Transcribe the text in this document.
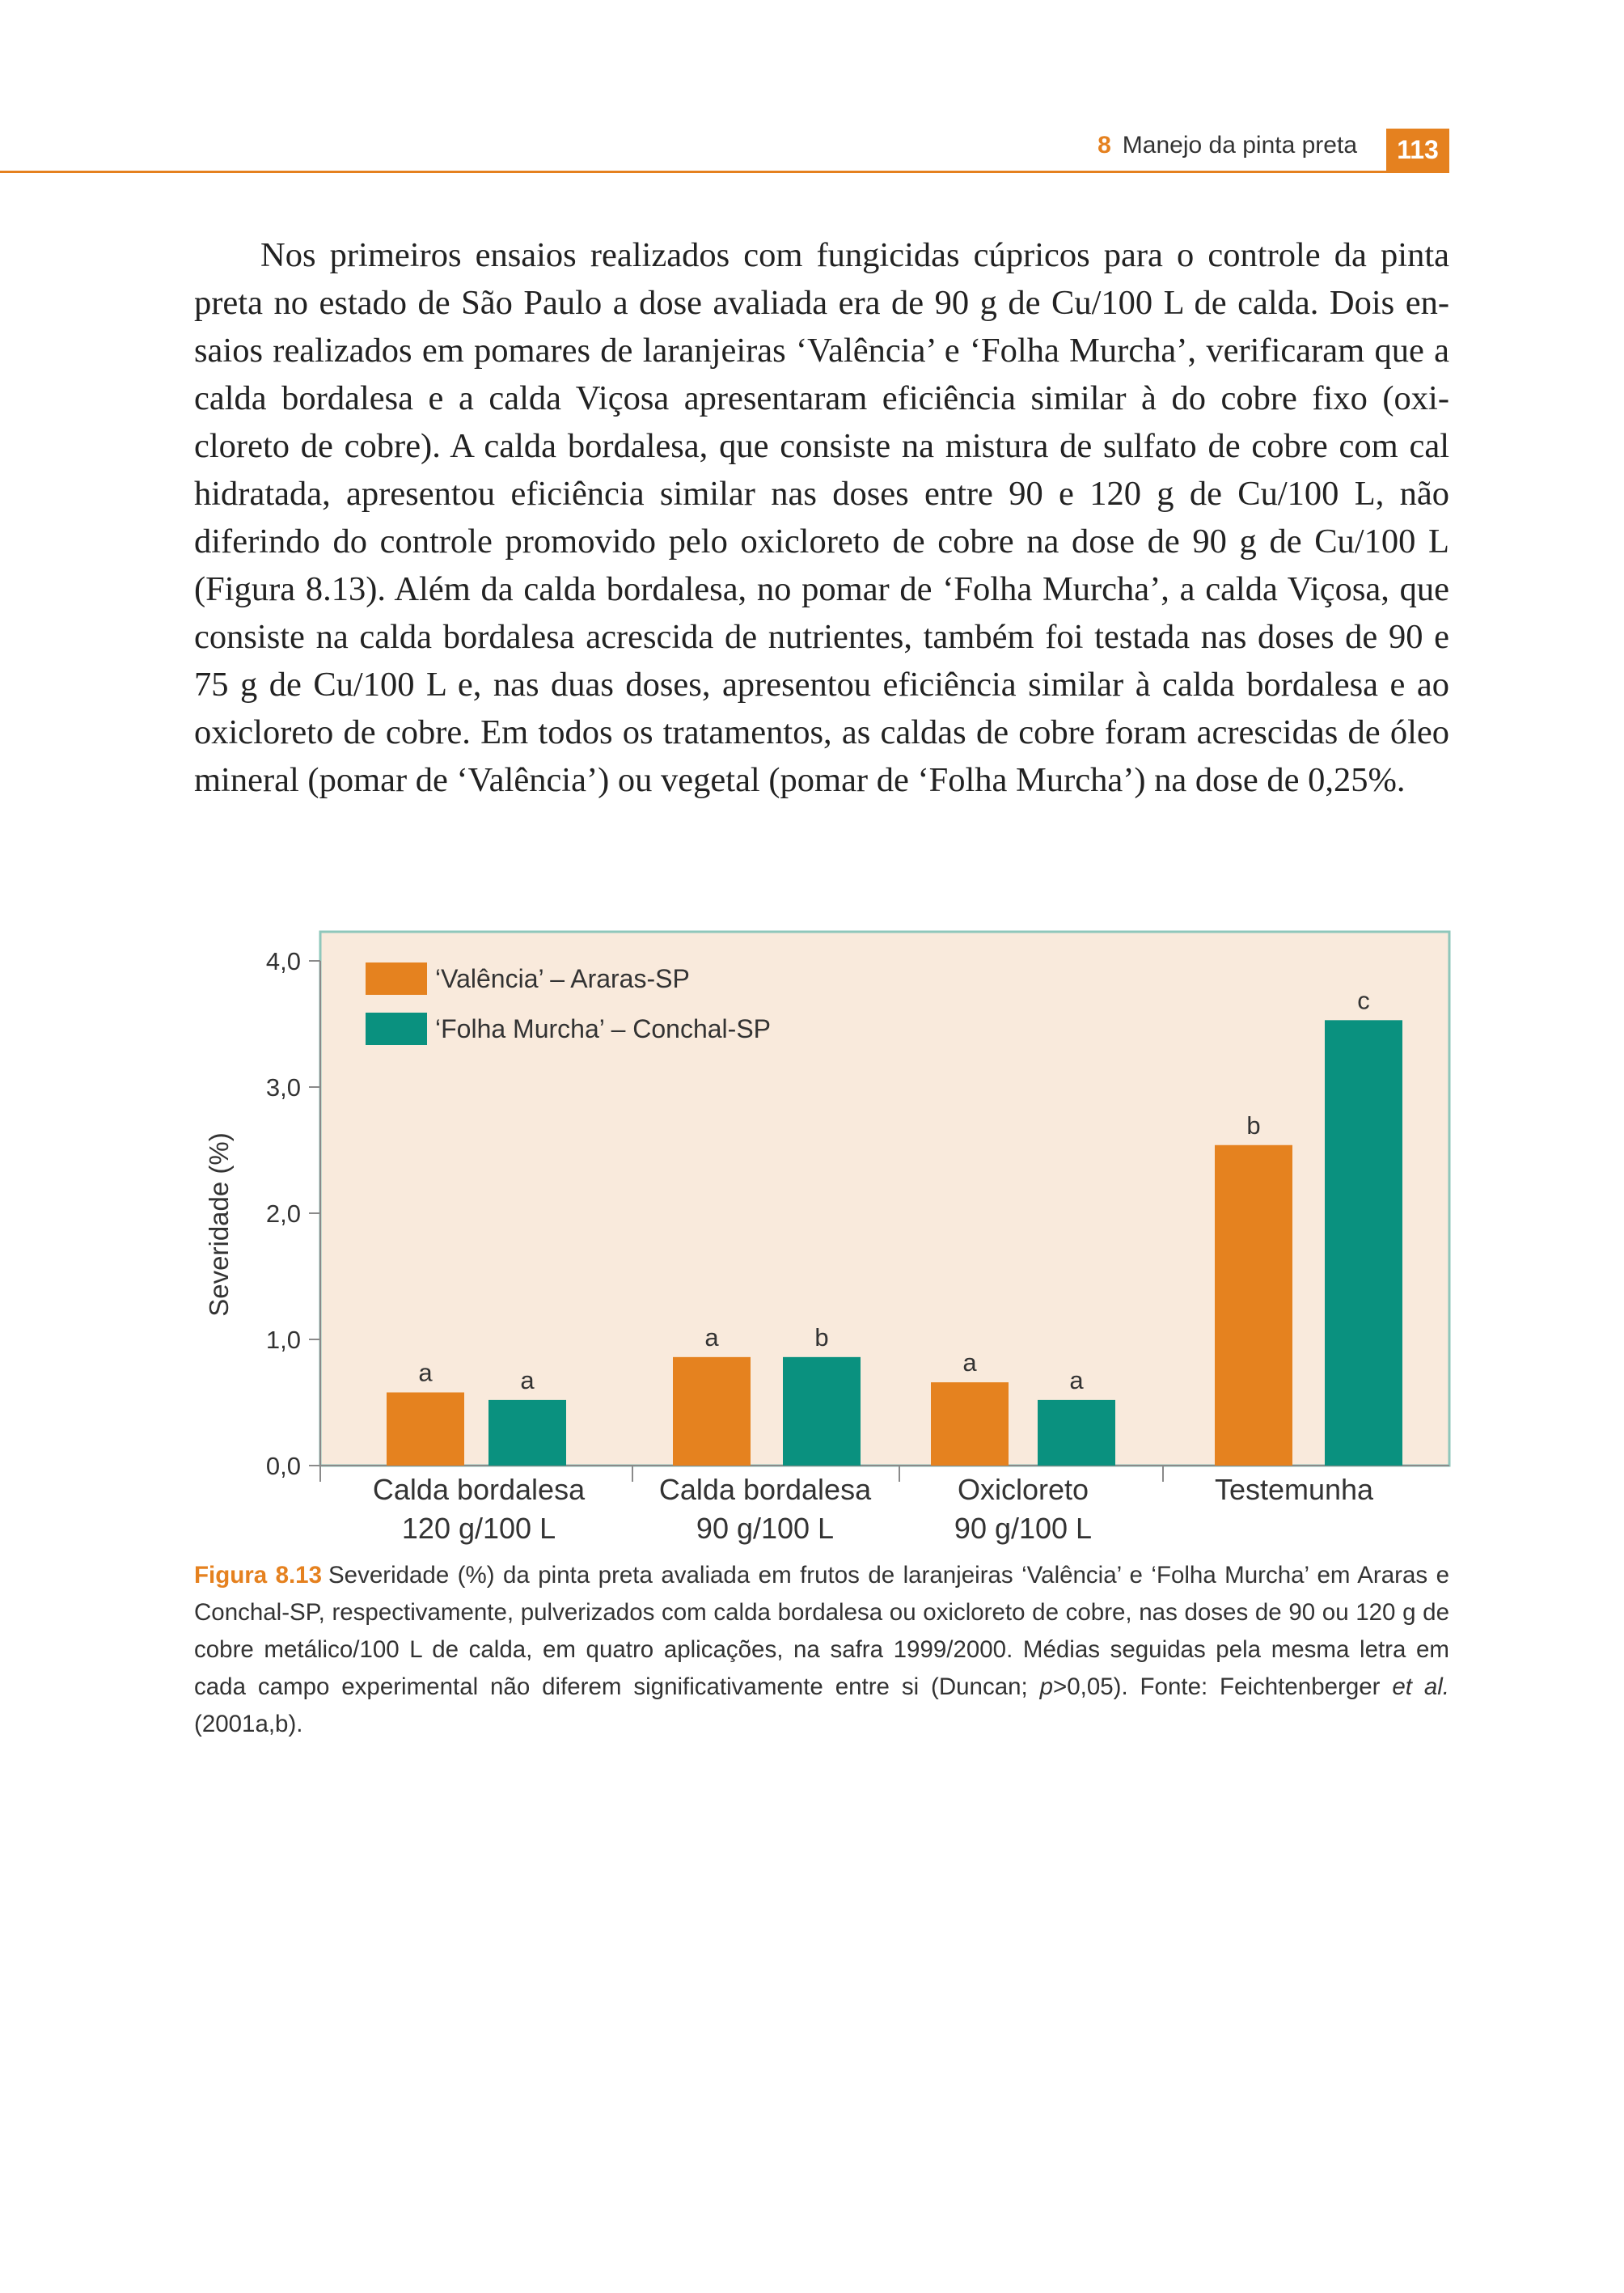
8 Manejo da pinta preta	113

Nos primeiros ensaios realizados com fungicidas cúpricos para o controle da pinta preta no estado de São Paulo a dose avaliada era de 90 g de Cu/100 L de calda. Dois ensaios realizados em pomares de laranjeiras ‘Valência’ e ‘Folha Murcha’, verificaram que a calda bordalesa e a calda Viçosa apresentaram eficiência similar à do cobre fixo (oxicloreto de cobre). A calda bordalesa, que consiste na mistura de sulfato de cobre com cal hidratada, apresentou eficiência similar nas doses entre 90 e 120 g de Cu/100 L, não diferindo do controle promovido pelo oxicloreto de cobre na dose de 90 g de Cu/100 L (Figura 8.13). Além da calda bordalesa, no pomar de ‘Folha Murcha’, a calda Viçosa, que consiste na calda bordalesa acrescida de nutrientes, também foi testada nas doses de 90 e 75 g de Cu/100 L e, nas duas doses, apresentou eficiência similar à calda bordalesa e ao oxicloreto de cobre. Em todos os tratamentos, as caldas de cobre foram acrescidas de óleo mineral (pomar de ‘Valência’) ou vegetal (pomar de ‘Folha Murcha’) na dose de 0,25%.

0,0
1,0
2,0
3,0
4,0
Severidade (%)
a
a
a
b
a
b
a
c
Calda bordalesa
120 g/100 L
Calda bordalesa
90 g/100 L
Oxicloreto
90 g/100 L
Testemunha
‘Valência’ – Araras-SP
‘Folha Murcha’ – Conchal-SP

Figura 8.13 Severidade (%) da pinta preta avaliada em frutos de laranjeiras ‘Valência’ e ‘Folha Murcha’ em Araras e Conchal-SP, respectivamente, pulverizados com calda bordalesa ou oxicloreto de cobre, nas doses de 90 ou 120 g de cobre metálico/100 L de calda, em quatro aplicações, na safra 1999/2000. Médias seguidas pela mesma letra em cada campo experimental não diferem significativamente entre si (Duncan; p>0,05). Fonte: Feichtenberger et al. (2001a,b).
